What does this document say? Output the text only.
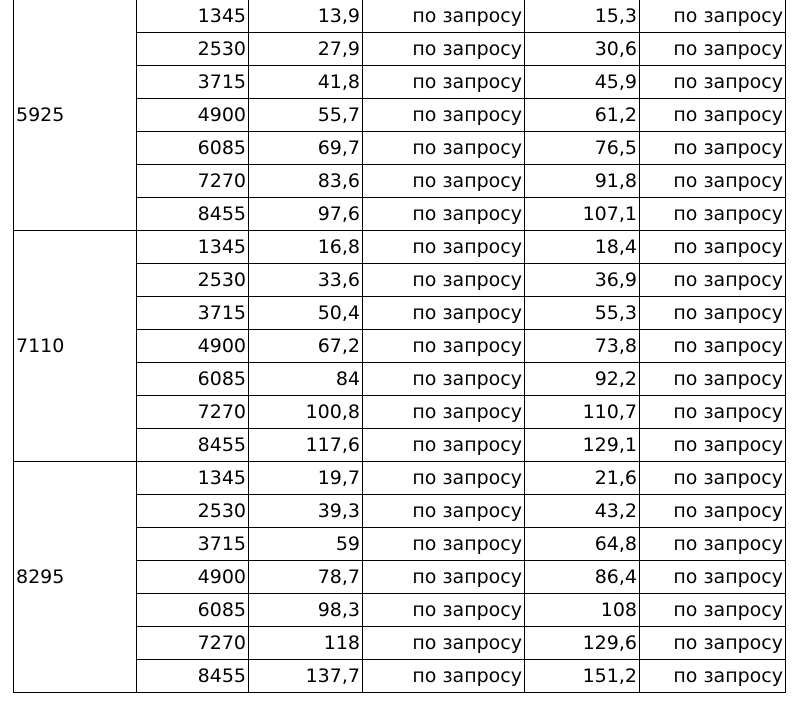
5925	1345	13,9	по запросу	15,3	по запросу
	2530	27,9	по запросу	30,6	по запросу
	3715	41,8	по запросу	45,9	по запросу
	4900	55,7	по запросу	61,2	по запросу
	6085	69,7	по запросу	76,5	по запросу
	7270	83,6	по запросу	91,8	по запросу
	8455	97,6	по запросу	107,1	по запросу
7110	1345	16,8	по запросу	18,4	по запросу
	2530	33,6	по запросу	36,9	по запросу
	3715	50,4	по запросу	55,3	по запросу
	4900	67,2	по запросу	73,8	по запросу
	6085	84	по запросу	92,2	по запросу
	7270	100,8	по запросу	110,7	по запросу
	8455	117,6	по запросу	129,1	по запросу
8295	1345	19,7	по запросу	21,6	по запросу
	2530	39,3	по запросу	43,2	по запросу
	3715	59	по запросу	64,8	по запросу
	4900	78,7	по запросу	86,4	по запросу
	6085	98,3	по запросу	108	по запросу
	7270	118	по запросу	129,6	по запросу
	8455	137,7	по запросу	151,2	по запросу
